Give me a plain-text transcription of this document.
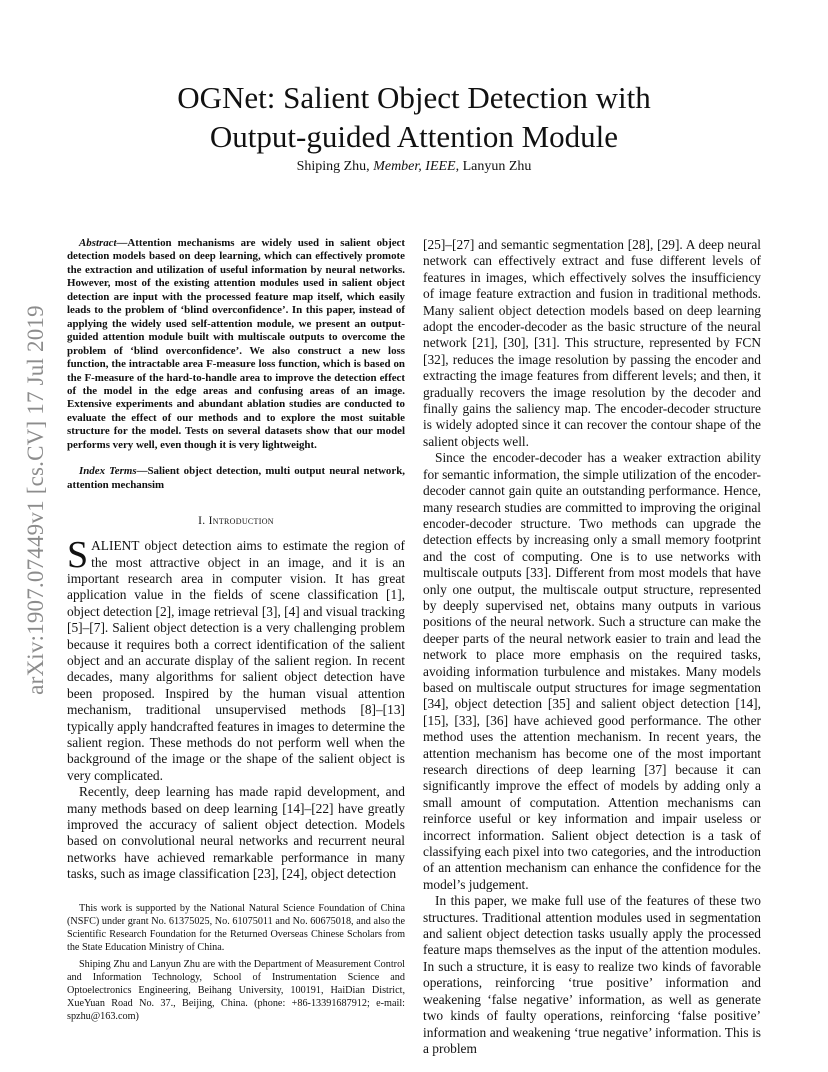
arXiv:1907.07449v1 [cs.CV] 17 Jul 2019
OGNet: Salient Object Detection with
Output-guided Attention Module
Shiping Zhu, Member, IEEE, Lanyun Zhu

Abstract—Attention mechanisms are widely used in salient object detection models based on deep learning, which can effectively promote the extraction and utilization of useful information by neural networks. However, most of the existing attention modules used in salient object detection are input with the processed feature map itself, which easily leads to the problem of ‘blind overconfidence’. In this paper, instead of applying the widely used self-attention module, we present an output-guided attention module built with multiscale outputs to overcome the problem of ‘blind overconfidence’. We also construct a new loss function, the intractable area F-measure loss function, which is based on the F-measure of the hard-to-handle area to improve the detection effect of the model in the edge areas and confusing areas of an image. Extensive experiments and abundant ablation studies are conducted to evaluate the effect of our methods and to explore the most suitable structure for the model. Tests on several datasets show that our model performs very well, even though it is very lightweight.

Index Terms—Salient object detection, multi output neural network, attention mechansim

I. Introduction

SALIENT object detection aims to estimate the region of the most attractive object in an image, and it is an important research area in computer vision. It has great application value in the fields of scene classification [1], object detection [2], image retrieval [3], [4] and visual tracking [5]–[7]. Salient object detection is a very challenging problem because it requires both a correct identification of the salient object and an accurate display of the salient region. In recent decades, many algorithms for salient object detection have been proposed. Inspired by the human visual attention mechanism, traditional unsupervised methods [8]–[13] typically apply handcrafted features in images to determine the salient region. These methods do not perform well when the background of the image or the shape of the salient object is very complicated.

Recently, deep learning has made rapid development, and many methods based on deep learning [14]–[22] have greatly improved the accuracy of salient object detection. Models based on convolutional neural networks and recurrent neural networks have achieved remarkable performance in many tasks, such as image classification [23], [24], object detection

This work is supported by the National Natural Science Foundation of China (NSFC) under grant No. 61375025, No. 61075011 and No. 60675018, and also the Scientific Research Foundation for the Returned Overseas Chinese Scholars from the State Education Ministry of China.

Shiping Zhu and Lanyun Zhu are with the Department of Measurement Control and Information Technology, School of Instrumentation Science and Optoelectronics Engineering, Beihang University, 100191, HaiDian District, XueYuan Road No. 37., Beijing, China. (phone: +86-13391687912; e-mail: spzhu@163.com)

[25]–[27] and semantic segmentation [28], [29]. A deep neural network can effectively extract and fuse different levels of features in images, which effectively solves the insufficiency of image feature extraction and fusion in traditional methods. Many salient object detection models based on deep learning adopt the encoder-decoder as the basic structure of the neural network [21], [30], [31]. This structure, represented by FCN [32], reduces the image resolution by passing the encoder and extracting the image features from different levels; and then, it gradually recovers the image resolution by the decoder and finally gains the saliency map. The encoder-decoder structure is widely adopted since it can recover the contour shape of the salient objects well.

Since the encoder-decoder has a weaker extraction ability for semantic information, the simple utilization of the encoder-decoder cannot gain quite an outstanding performance. Hence, many research studies are committed to improving the original encoder-decoder structure. Two methods can upgrade the detection effects by increasing only a small memory footprint and the cost of computing. One is to use networks with multiscale outputs [33]. Different from most models that have only one output, the multiscale output structure, represented by deeply supervised net, obtains many outputs in various positions of the neural network. Such a structure can make the deeper parts of the neural network easier to train and lead the network to place more emphasis on the required tasks, avoiding information turbulence and mistakes. Many models based on multiscale output structures for image segmentation [34], object detection [35] and salient object detection [14], [15], [33], [36] have achieved good performance. The other method uses the attention mechanism. In recent years, the attention mechanism has become one of the most important research directions of deep learning [37] because it can significantly improve the effect of models by adding only a small amount of computation. Attention mechanisms can reinforce useful or key information and impair useless or incorrect information. Salient object detection is a task of classifying each pixel into two categories, and the introduction of an attention mechanism can enhance the confidence for the model’s judgement.

In this paper, we make full use of the features of these two structures. Traditional attention modules used in segmentation and salient object detection tasks usually apply the processed feature maps themselves as the input of the attention modules. In such a structure, it is easy to realize two kinds of favorable operations, reinforcing ‘true positive’ information and weakening ‘false negative’ information, as well as generate two kinds of faulty operations, reinforcing ‘false positive’ information and weakening ‘true negative’ information. This is a problem
